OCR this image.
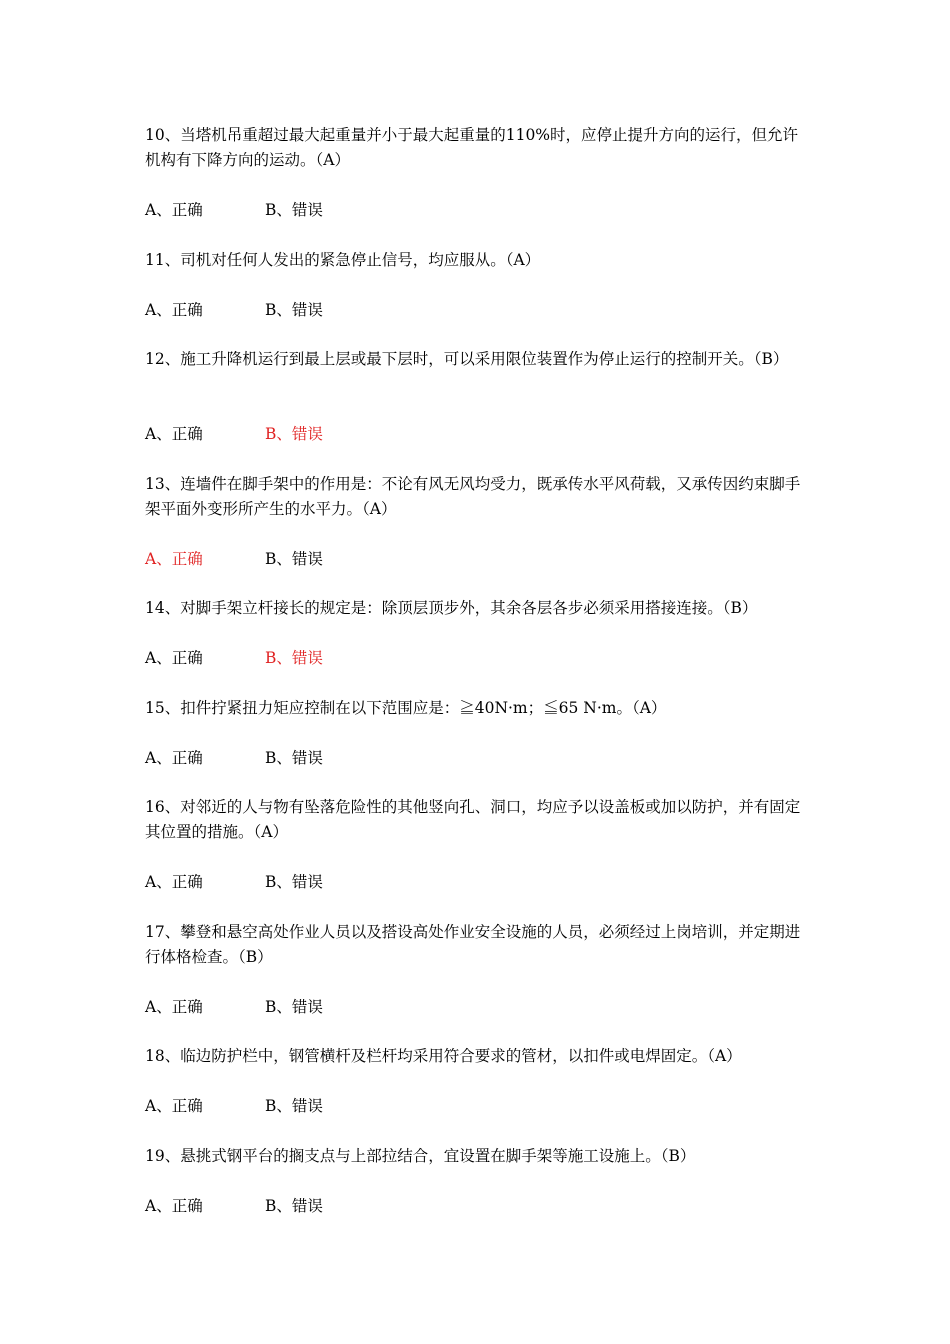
10、当塔机吊重超过最大起重量并小于最大起重量的110%时，应停止提升方向的运行，但允许机构有下降方向的运动。（A）
A、正确	B、错误
11、司机对任何人发出的紧急停止信号，均应服从。（A）
A、正确	B、错误
12、施工升降机运行到最上层或最下层时，可以采用限位装置作为停止运行的控制开关。（B）
A、正确	B、错误
13、连墙件在脚手架中的作用是：不论有风无风均受力，既承传水平风荷载，又承传因约束脚手架平面外变形所产生的水平力。（A）
A、正确	B、错误
14、对脚手架立杆接长的规定是：除顶层顶步外，其余各层各步必须采用搭接连接。（B）
A、正确	B、错误
15、扣件拧紧扭力矩应控制在以下范围应是：≧40N·m；≦65 N·m。（A）
A、正确	B、错误
16、对邻近的人与物有坠落危险性的其他竖向孔、洞口，均应予以设盖板或加以防护，并有固定其位置的措施。（A）
A、正确	B、错误
17、攀登和悬空高处作业人员以及搭设高处作业安全设施的人员，必须经过上岗培训，并定期进行体格检查。（B）
A、正确	B、错误
18、临边防护栏中，钢管横杆及栏杆均采用符合要求的管材，以扣件或电焊固定。（A）
A、正确	B、错误
19、悬挑式钢平台的搁支点与上部拉结合，宜设置在脚手架等施工设施上。（B）
A、正确	B、错误
